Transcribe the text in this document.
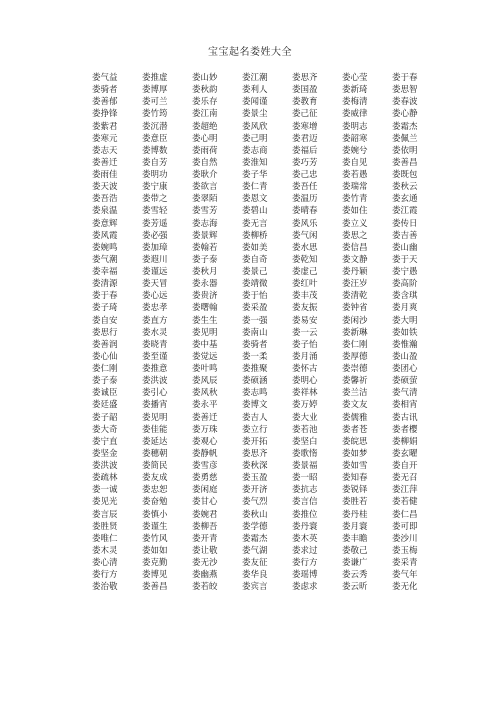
宝宝起名娄姓大全
娄气益	娄推虚	娄山妙	娄江潮	娄思齐	娄心莹	娄于春
娄骑者	娄博厚	娄秋韵	娄利人	娄国盈	娄新琦	娄思智
娄善郁	娄可兰	娄乐存	娄闻谨	娄教育	娄梅清	娄春波
娄挣锋	娄竹筠	娄江南	娄景尘	娄己征	娄威律	娄心静
娄紫君	娄沉潜	娄超绝	娄风欣	娄寒增	娄明志	娄霜杰
娄寒元	娄意臣	娄心明	娄己明	娄君迈	娄韶寒	娄佩兰
娄志天	娄博数	娄雨荷	娄志商	娄福后	娄婉兮	娄依明
娄善迁	娄自芳	娄自然	娄淮知	娄巧芳	娄自见	娄善昌
娄雨佳	娄明功	娄耿介	娄子华	娄己忠	娄若愚	娄既包
娄天波	娄宁康	娄欲言	娄仁青	娄吾任	娄瑞常	娄秋云
娄吾浩	娄带之	娄翠陌	娄恩文	娄温历	娄竹青	娄玄通
娄泉温	娄雪轻	娄雪芳	娄碧山	娄晴春	娄如住	娄江霞
娄意辉	娄芳遥	娄志海	娄无言	娄风乐	娄立义	娄传日
娄风霞	娄必强	娄景辉	娄柳桥	娄气闲	娄思之	娄吉善
娄婉鸣	娄加璋	娄翰若	娄如美	娄水思	娄信昌	娄山幽
娄气潮	娄遐川	娄子泰	娄自奇	娄乾知	娄文静	娄于天
娄幸福	娄谨远	娄秋月	娄景己	娄虚己	娄丹颖	娄宁愚
娄清源	娄天冒	娄永器	娄靖微	娄红叶	娄汪岁	娄高阶
娄于春	娄心远	娄贵济	娄于怡	娄丰茂	娄清乾	娄含琪
娄子琦	娄忠孝	娄曙翰	娄采盈	娄友振	娄钟省	娄月爽
娄自安	娄直方	娄生生	娄一强	娄易安	娄闲沙	娄大明
娄思行	娄水灵	娄见明	娄南山	娄一云	娄新琳	娄如铁
娄善润	娄晓青	娄中基	娄骑者	娄子怡	娄仁刚	娄惟瀚
娄心仙	娄至谨	娄觉远	娄一柔	娄月涌	娄厚德	娄山盈
娄仁刚	娄推意	娄叶鸣	娄推聚	娄怀古	娄崇德	娄团心
娄子泰	娄洪波	娄风辰	娄硕涵	娄明心	娄馨祈	娄硕萤
娄诚臣	娄引心	娄风秋	娄志鸣	娄祥林	娄兰洁	娄气清
娄廷盛	娄播宵	娄永平	娄博文	娄万婷	娄文友	娄相宵
娄子韶	娄见明	娄善迁	娄吉人	娄大业	娄儒雅	娄古讯
娄大奇	娄佳能	娄万珠	娄立行	娄若池	娄者苍	娄者樱
娄宁直	娄延达	娄观心	娄开拓	娄坚白	娄皖思	娄柳娟
娄坚金	娄穗朝	娄静帆	娄思齐	娄歌惰	娄如梦	娄玄曜
娄洪波	娄简民	娄雪彦	娄秋深	娄景福	娄如雪	娄自开
娄疏林	娄友成	娄勇慈	娄玉盈	娄一昭	娄知春	娄无召
娄一诚	娄忠恕	娄闲庭	娄开济	娄抗志	娄锐铎	娄江萍
娄见光	娄奋勉	娄甘心	娄气烈	娄言信	娄胜若	娄若健
娄言辰	娄慎小	娄婉君	娄秋山	娄推位	娄丹桂	娄仁昌
娄胜贤	娄谨生	娄柳吾	娄学德	娄丹寰	娄月寰	娄可即
娄唯仁	娄竹风	娄开青	娄霜杰	娄木英	娄丰瞻	娄沙川
娄木灵	娄如如	娄让敬	娄气湖	娄求过	娄敬己	娄玉梅
娄心清	娄克勤	娄无沙	娄友征	娄行方	娄谦广	娄采青
娄行方	娄博见	娄幽燕	娄华良	娄瑶博	娄云秀	娄气年
娄治敬	娄善昌	娄若皎	娄宾言	娄虑求	娄云昕	娄无化
